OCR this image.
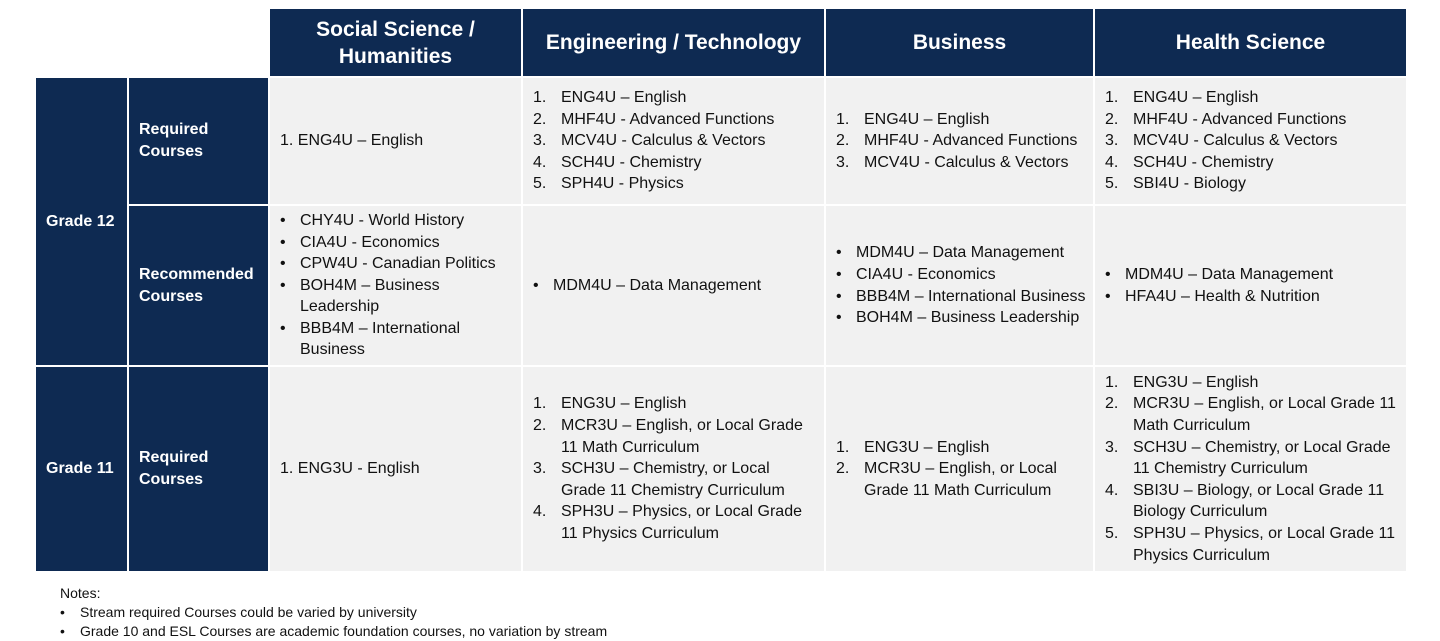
Social Science /
Humanities
Engineering / Technology	Business	Health Science
Grade 12
Required
Courses
1. ENG4U – English
1. ENG4U – English
2. MHF4U - Advanced Functions
3. MCV4U - Calculus & Vectors
4. SCH4U - Chemistry
5. SPH4U - Physics
1. ENG4U – English
2. MHF4U - Advanced Functions
3. MCV4U - Calculus & Vectors
1. ENG4U – English
2. MHF4U - Advanced Functions
3. MCV4U - Calculus & Vectors
4. SCH4U - Chemistry
5. SBI4U - Biology
Recommended
Courses
• CHY4U - World History
• CIA4U - Economics
• CPW4U - Canadian Politics
• BOH4M – Business Leadership
• BBB4M – International Business
• MDM4U – Data Management
• MDM4U – Data Management
• CIA4U - Economics
• BBB4M – International Business
• BOH4M – Business Leadership
• MDM4U – Data Management
• HFA4U – Health & Nutrition
Grade 11
Required
Courses
1. ENG3U - English
1. ENG3U – English
2. MCR3U – English, or Local Grade 11 Math Curriculum
3. SCH3U – Chemistry, or Local Grade 11 Chemistry Curriculum
4. SPH3U – Physics, or Local Grade 11 Physics Curriculum
1. ENG3U – English
2. MCR3U – English, or Local Grade 11 Math Curriculum
1. ENG3U – English
2. MCR3U – English, or Local Grade 11 Math Curriculum
3. SCH3U – Chemistry, or Local Grade 11 Chemistry Curriculum
4. SBI3U – Biology, or Local Grade 11 Biology Curriculum
5. SPH3U – Physics, or Local Grade 11 Physics Curriculum
Notes:
• Stream required Courses could be varied by university
• Grade 10 and ESL Courses are academic foundation courses, no variation by stream
